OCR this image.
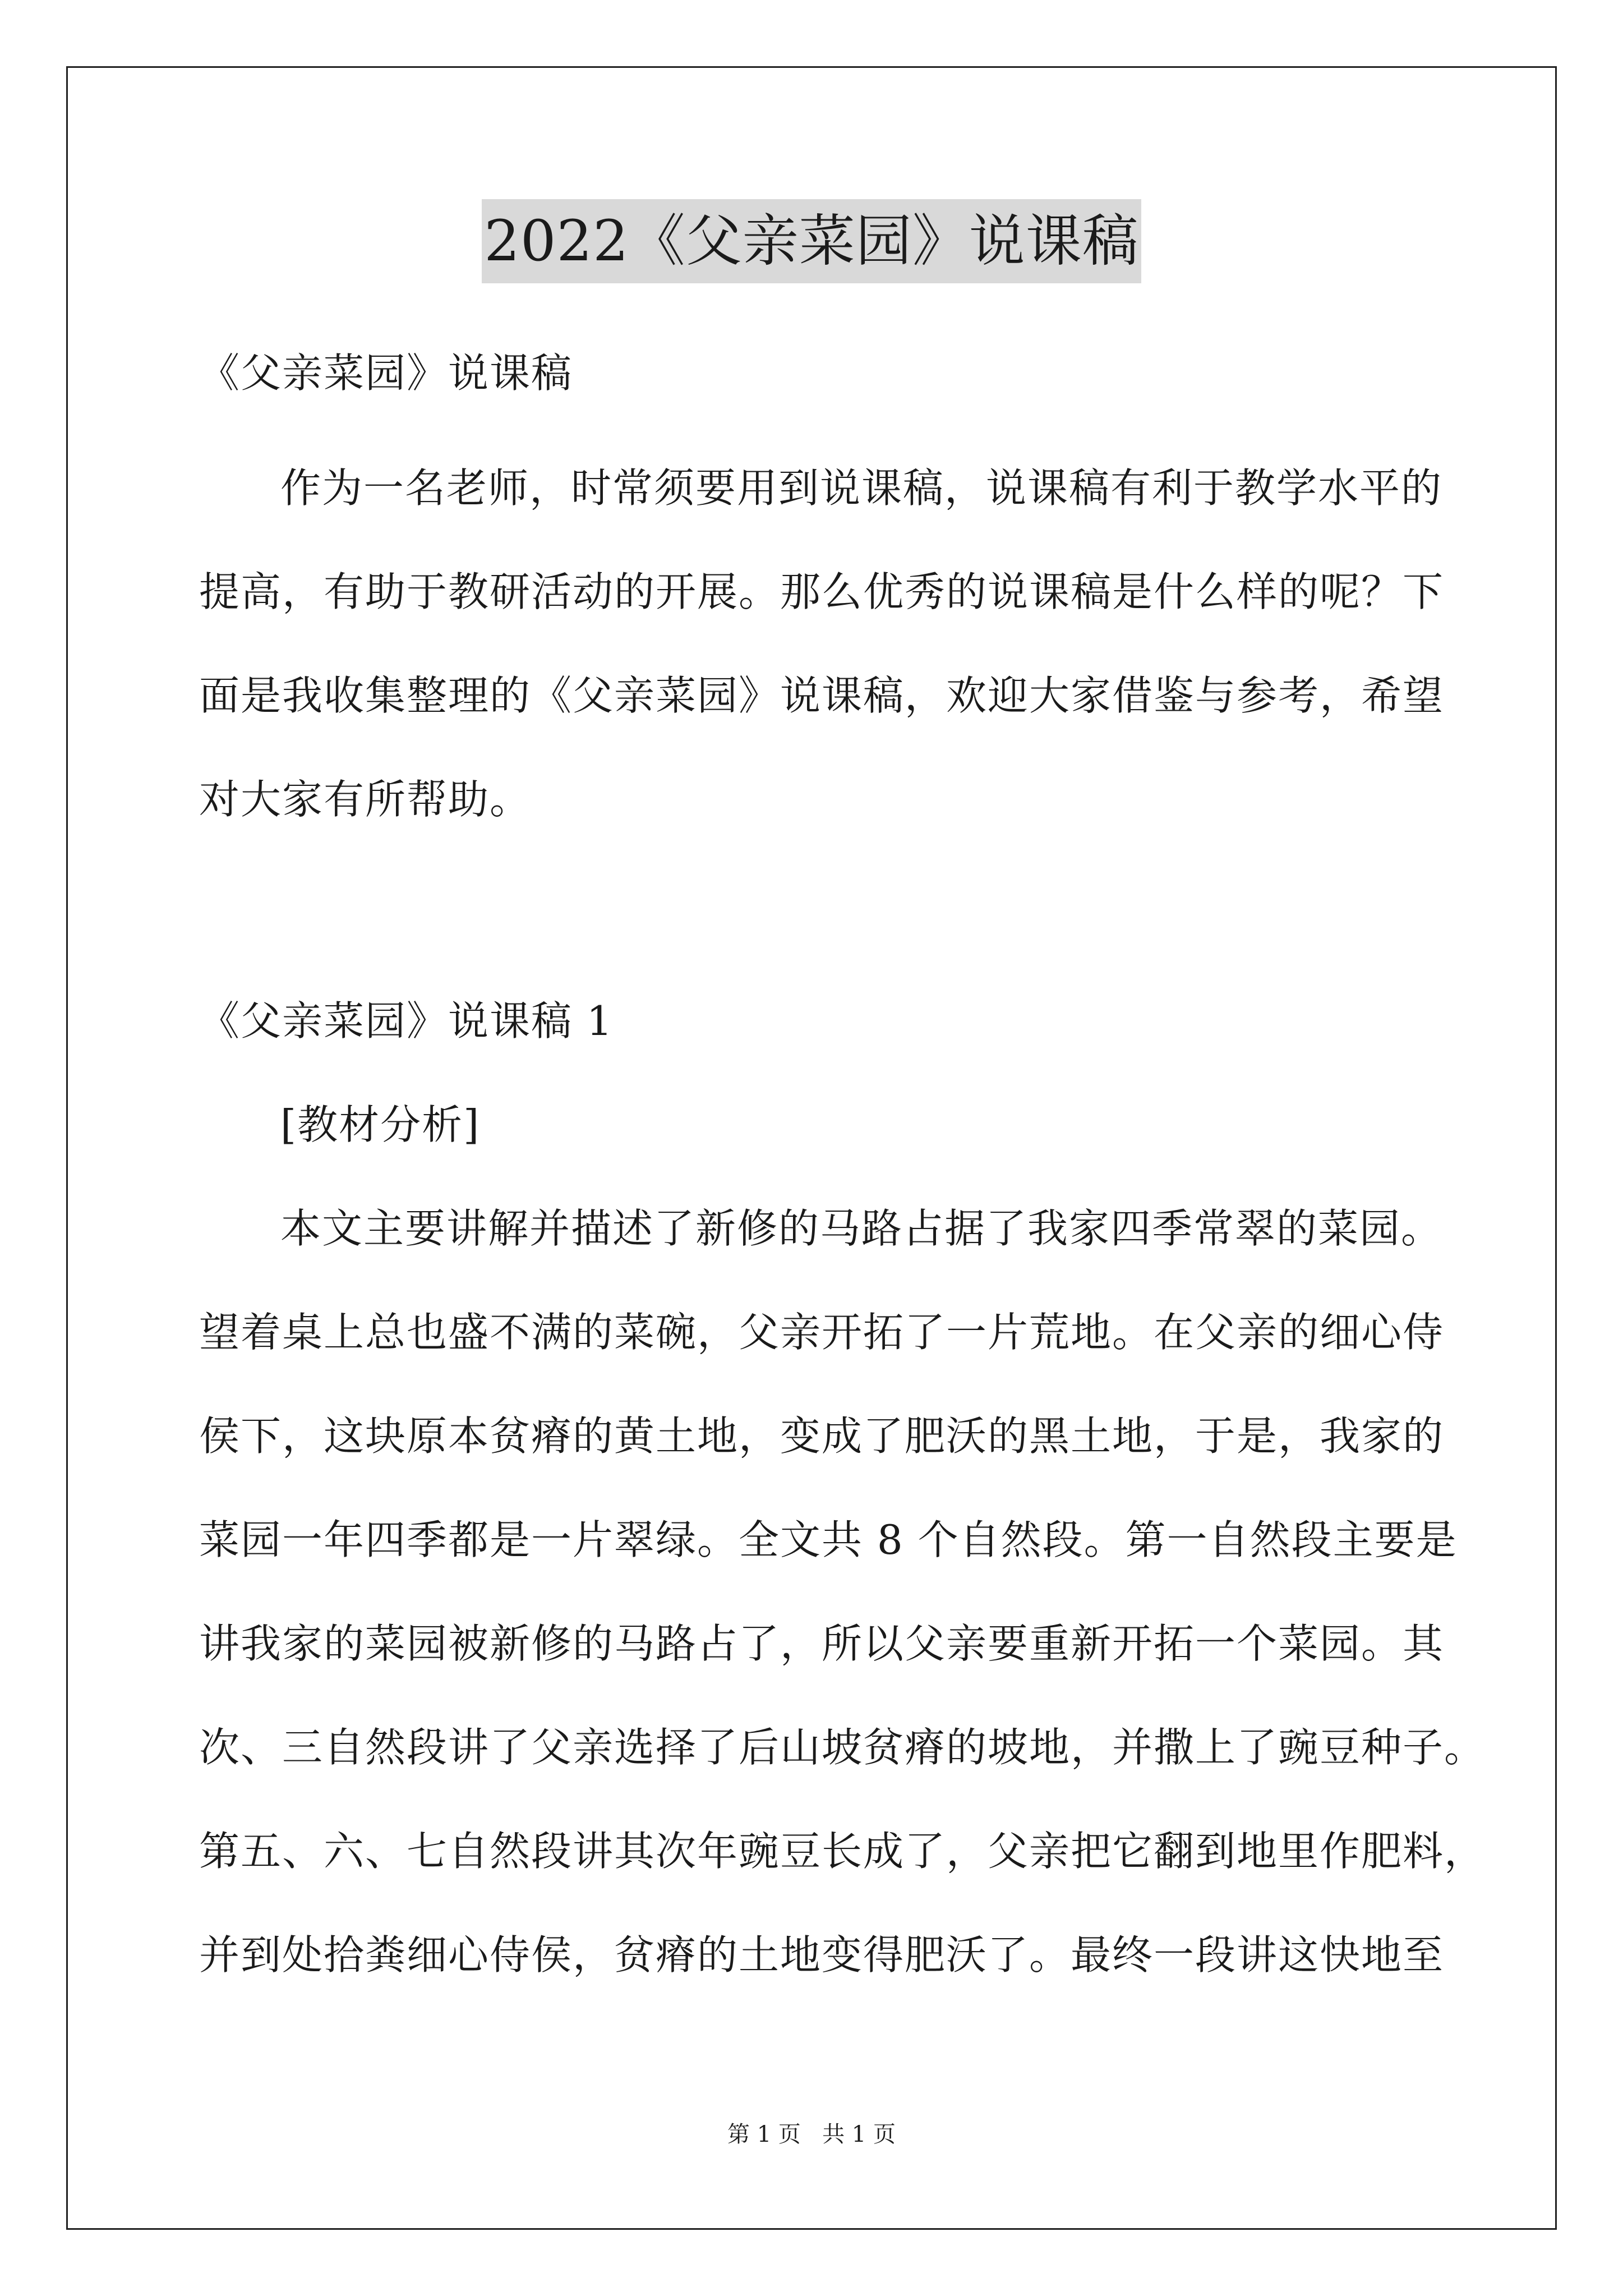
2022《父亲菜园》说课稿
《父亲菜园》说课稿
作为一名老师，时常须要用到说课稿，说课稿有利于教学水平的
提高，有助于教研活动的开展。那么优秀的说课稿是什么样的呢？下
面是我收集整理的《父亲菜园》说课稿，欢迎大家借鉴与参考，希望
对大家有所帮助。
《父亲菜园》说课稿 1
[教材分析]
本文主要讲解并描述了新修的马路占据了我家四季常翠的菜园。
望着桌上总也盛不满的菜碗，父亲开拓了一片荒地。在父亲的细心侍
侯下，这块原本贫瘠的黄土地，变成了肥沃的黑土地，于是，我家的
菜园一年四季都是一片翠绿。全文共 8 个自然段。第一自然段主要是
讲我家的菜园被新修的马路占了，所以父亲要重新开拓一个菜园。其
次、三自然段讲了父亲选择了后山坡贫瘠的坡地，并撒上了豌豆种子。
第五、六、七自然段讲其次年豌豆长成了，父亲把它翻到地里作肥料，
并到处拾粪细心侍侯，贫瘠的土地变得肥沃了。最终一段讲这快地至
第 1 页   共 1 页
